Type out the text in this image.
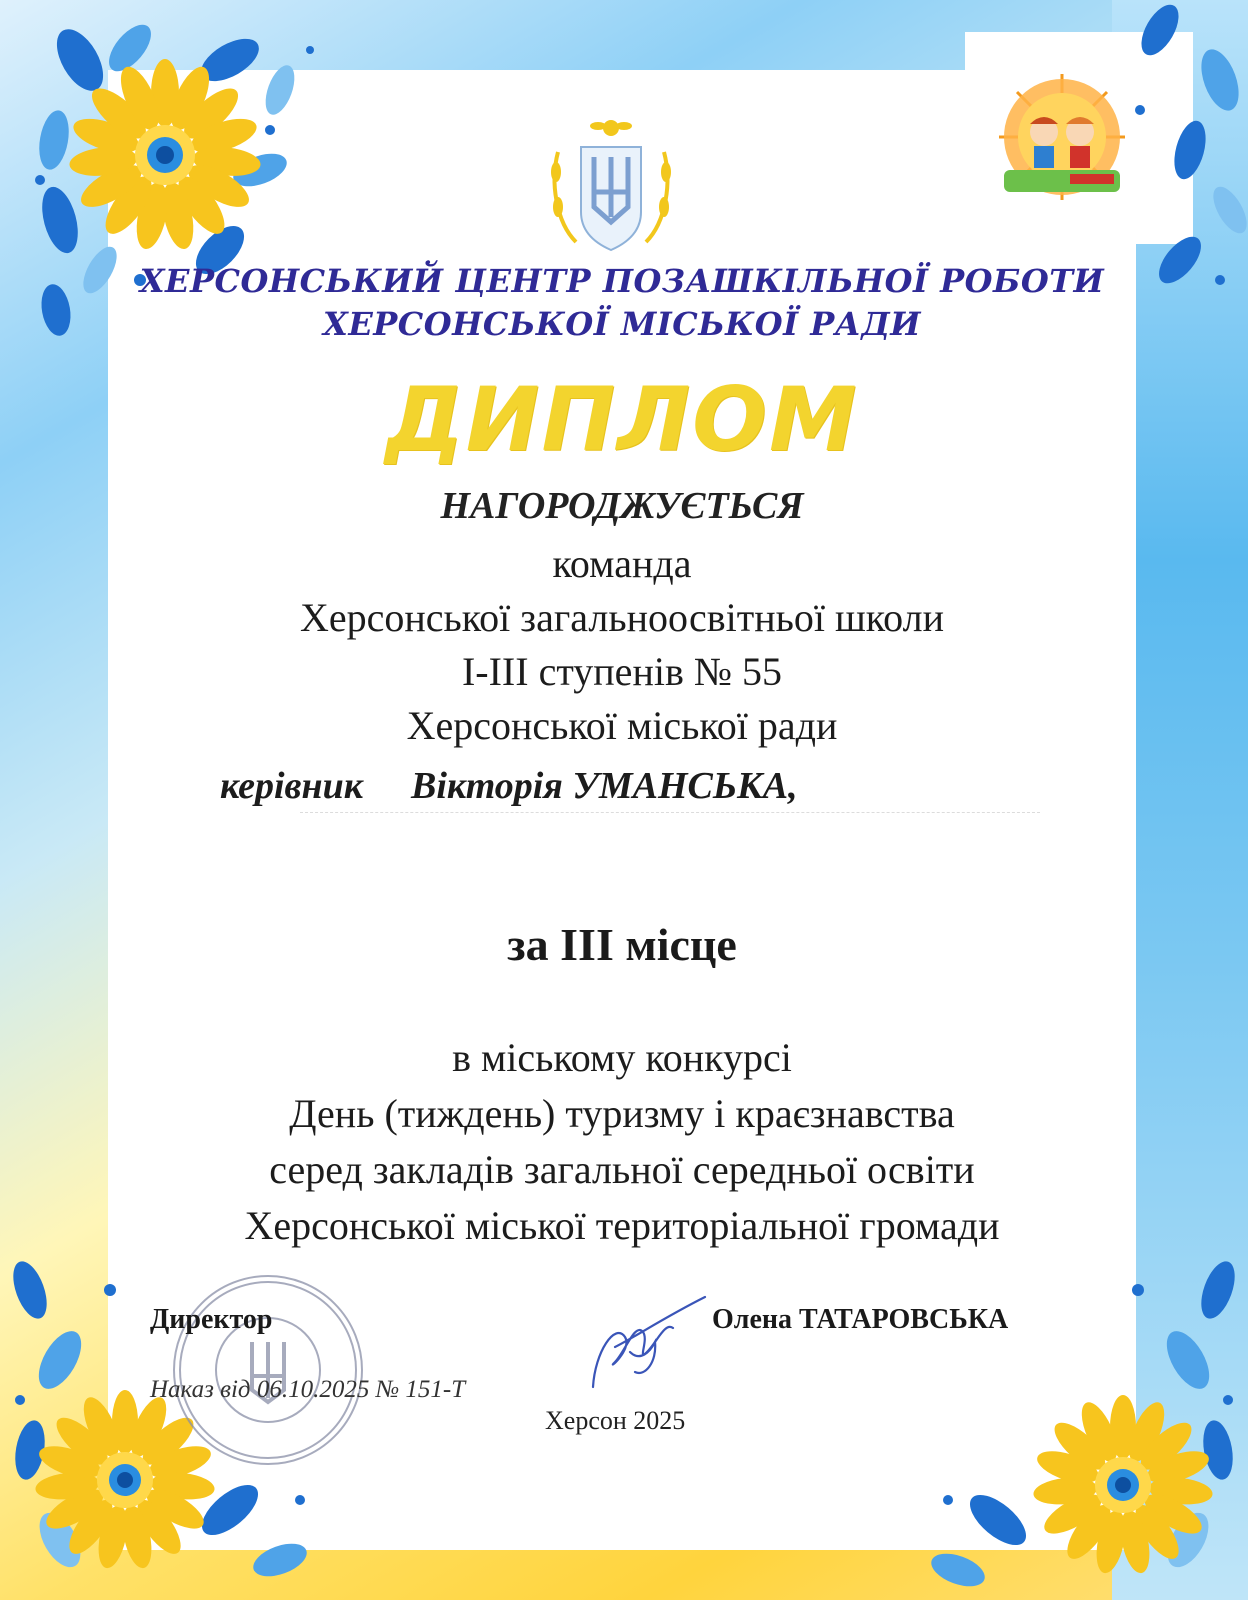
ХЕРСОНСЬКИЙ ЦЕНТР ПОЗАШКІЛЬНОЇ РОБОТИ
ХЕРСОНСЬКОЇ МІСЬКОЇ РАДИ
ДИПЛОМ
НАГОРОДЖУЄТЬСЯ
команда
Херсонської загальноосвітньої школи
І-ІІІ ступенів № 55
Херсонської міської ради
керівник Вікторія УМАНСЬКА,
за ІІІ місце
в міському конкурсі
День (тиждень) туризму і краєзнавства
серед закладів загальної середньої освіти
Херсонської міської територіальної громади
Директор	Олена ТАТАРОВСЬКА
Наказ від 06.10.2025 № 151-Т
Херсон 2025
